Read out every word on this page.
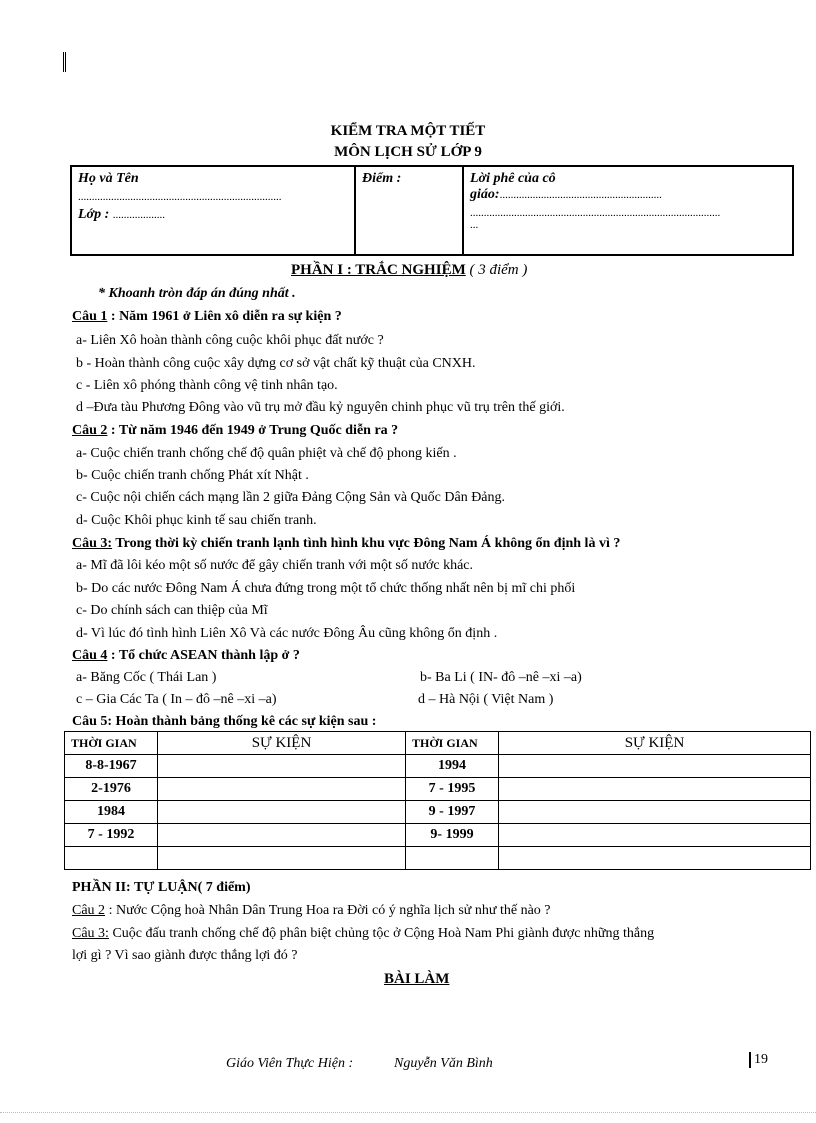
KIỂM TRA MỘT TIẾT
MÔN LỊCH SỬ LỚP 9
Họ và Tên
..........................................................................
Lớp : ...................

Điểm :	Lời phê của cô
giáo:...........................................................
...........................................................................................
...
PHẦN I : TRẮC NGHIỆM ( 3 điểm )
* Khoanh tròn đáp án đúng nhất .
Câu 1 : Năm 1961 ở Liên xô diễn ra sự kiện ?
a- Liên Xô hoàn thành công cuộc khôi phục đất nước ?
b - Hoàn thành công cuộc xây dựng cơ sở vật chất kỹ thuật của CNXH.
c - Liên xô phóng thành công vệ tinh nhân tạo.
d –Đưa tàu Phương Đông vào vũ trụ mở đầu kỷ nguyên chinh phục vũ trụ trên thế giới.
Câu 2 : Từ năm 1946 đến 1949 ở Trung Quốc diễn ra ?
a- Cuộc chiến tranh chống chế độ quân phiệt và chế độ phong kiến .
b- Cuộc chiến tranh chống Phát xít Nhật .
c- Cuộc nội chiến cách mạng lần 2 giữa Đảng Cộng Sản và Quốc Dân Đảng.
d- Cuộc Khôi phục kinh tế sau chiến tranh.
Câu 3: Trong thời kỳ chiến tranh lạnh tình hình khu vực Đông Nam Á không ổn định là vì ?
a- Mĩ đã lôi kéo một số nước để gây chiến tranh với một số nước khác.
b- Do các nước Đông Nam Á chưa đứng trong một tổ chức thống nhất nên bị mĩ chi phối
c- Do chính sách can thiệp của Mĩ
d- Vì lúc đó tình hình Liên Xô Và các nước Đông Âu cũng không ổn định .
Câu 4 : Tổ chức ASEAN thành lập ở ?
a- Băng Cốc ( Thái Lan )	b- Ba Li ( IN- đô –nê –xi –a)
c – Gia Các Ta ( In – đô –nê –xi –a)	d – Hà Nội ( Việt Nam )
Câu 5: Hoàn thành bảng thống kê các sự kiện sau :
THỜI GIAN	SỰ KIỆN	THỜI GIAN	SỰ KIỆN
8-8-1967		1994	
2-1976		7 - 1995	
1984		9 - 1997	
7 - 1992		9- 1999	

PHẦN II: TỰ LUẬN( 7 điểm)
Câu 2 : Nước Cộng hoà Nhân Dân Trung Hoa ra Đời có ý nghĩa lịch sử như thế nào ?
Câu 3: Cuộc đấu tranh chống chế độ phân biệt chủng tộc ở Cộng Hoà Nam Phi giành được những thắng
lợi gì ? Vì sao giành được thắng lợi đó ?
BÀI LÀM
Giáo Viên Thực Hiện :	Nguyễn Văn Bình	19
